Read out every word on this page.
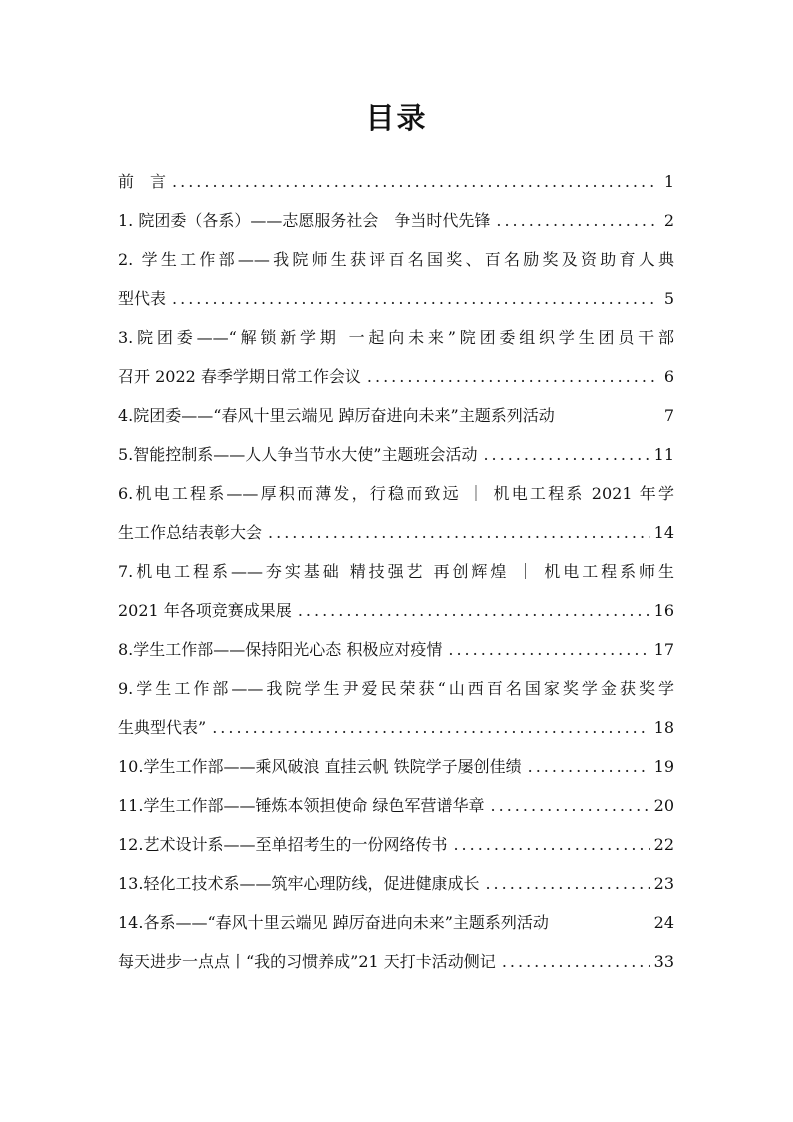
目录
前　言 .....	1
1. 院团委（各系）——志愿服务社会　争当时代先锋 .....	2
2. 学生工作部——我院师生获评百名国奖、百名励奖及资助育人典
型代表 .....	5
3.院团委——“解锁新学期 一起向未来”院团委组织学生团员干部
召开 2022 春季学期日常工作会议 .....	6
4.院团委——“春风十里云端见 踔厉奋进向未来”主题系列活动	7
5.智能控制系——人人争当节水大使”主题班会活动 .....	11
6.机电工程系——厚积而薄发，行稳而致远 ｜ 机电工程系 2021 年学
生工作总结表彰大会 .....	14
7.机电工程系——夯实基础 精技强艺 再创辉煌 ｜ 机电工程系师生
2021 年各项竞赛成果展 .....	16
8.学生工作部——保持阳光心态 积极应对疫情 .....	17
9.学生工作部——我院学生尹爱民荣获“山西百名国家奖学金获奖学
生典型代表” .....	18
10.学生工作部——乘风破浪 直挂云帆 铁院学子屡创佳绩 .....	19
11.学生工作部——锤炼本领担使命 绿色军营谱华章 .....	20
12.艺术设计系——至单招考生的一份网络传书 .....	22
13.轻化工技术系——筑牢心理防线，促进健康成长 .....	23
14.各系——“春风十里云端见 踔厉奋进向未来”主题系列活动	24
每天进步一点点丨“我的习惯养成”21 天打卡活动侧记 .....	33
